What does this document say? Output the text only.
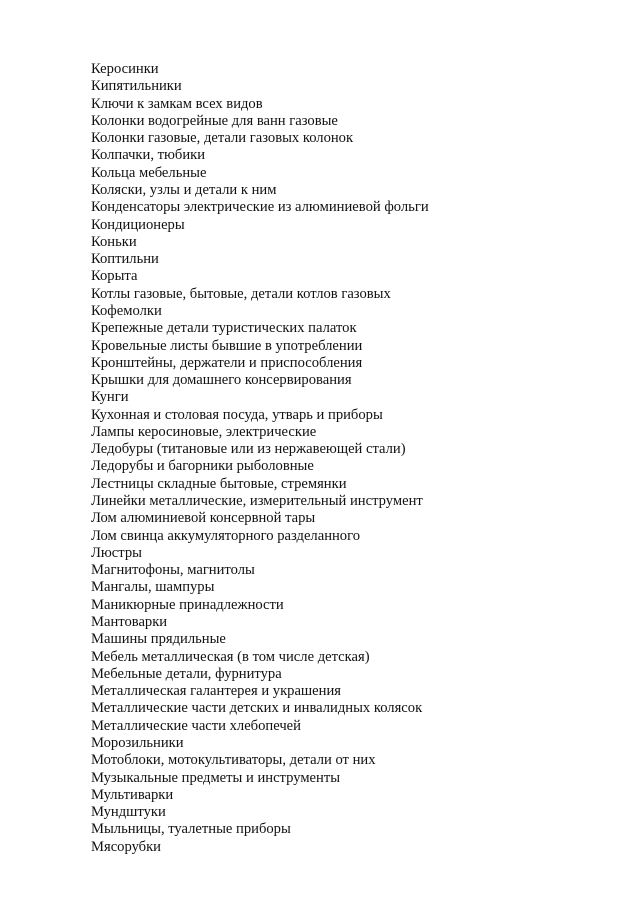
Керосинки
Кипятильники
Ключи к замкам всех видов
Колонки водогрейные для ванн газовые
Колонки газовые, детали газовых колонок
Колпачки, тюбики
Кольца мебельные
Коляски, узлы и детали к ним
Конденсаторы электрические из алюминиевой фольги
Кондиционеры
Коньки
Коптильни
Корыта
Котлы газовые, бытовые, детали котлов газовых
Кофемолки
Крепежные детали туристических палаток
Кровельные листы бывшие в употреблении
Кронштейны, держатели и приспособления
Крышки для домашнего консервирования
Кунги
Кухонная и столовая посуда, утварь и приборы
Лампы керосиновые, электрические
Ледобуры (титановые или из нержавеющей стали)
Ледорубы и багорники рыболовные
Лестницы складные бытовые, стремянки
Линейки металлические, измерительный инструмент
Лом алюминиевой консервной тары
Лом свинца аккумуляторного разделанного
Люстры
Магнитофоны, магнитолы
Мангалы, шампуры
Маникюрные принадлежности
Мантоварки
Машины прядильные
Мебель металлическая (в том числе детская)
Мебельные детали, фурнитура
Металлическая галантерея и украшения
Металлические части детских и инвалидных колясок
Металлические части хлебопечей
Морозильники
Мотоблоки, мотокультиваторы, детали от них
Музыкальные предметы и инструменты
Мультиварки
Мундштуки
Мыльницы, туалетные приборы
Мясорубки
